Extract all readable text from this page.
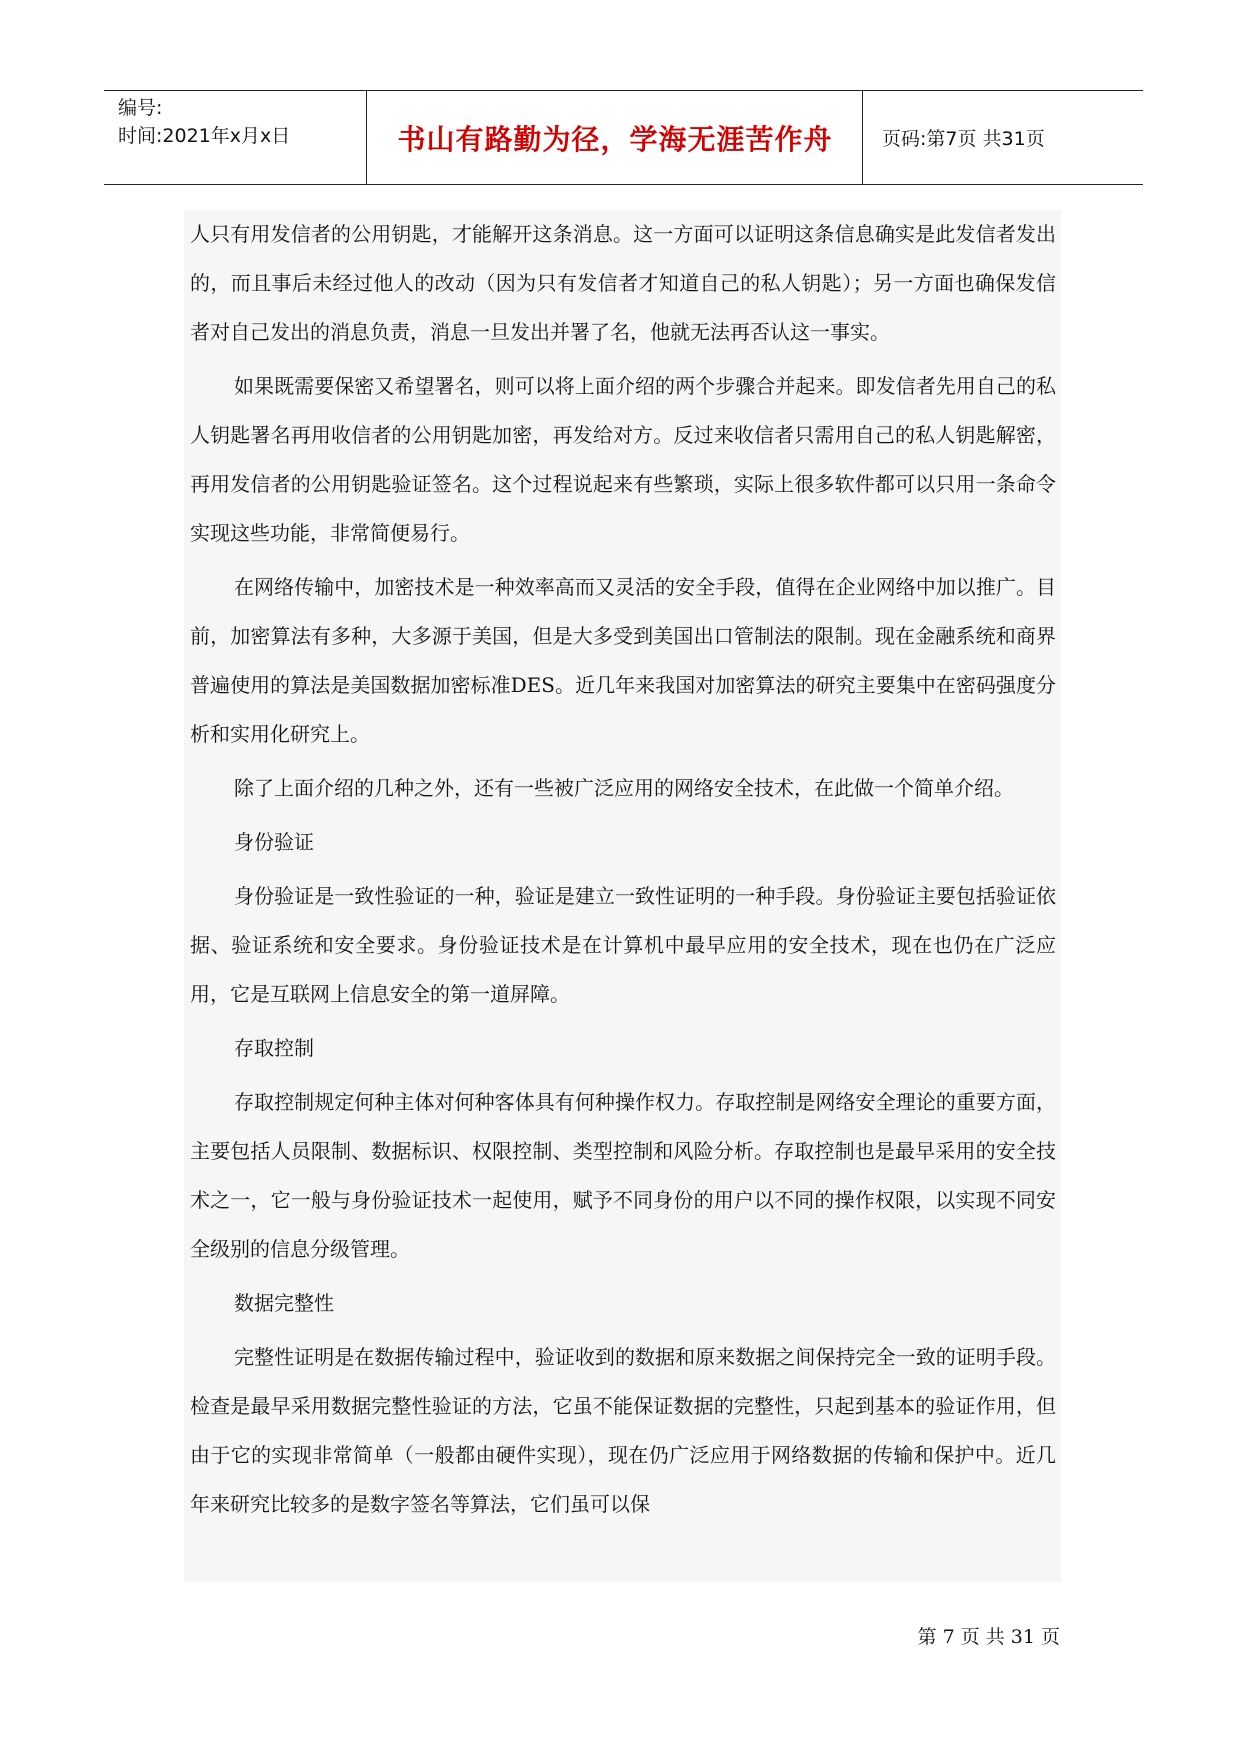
编号:
时间:2021年x月x日	书山有路勤为径，学海无涯苦作舟	页码:第7页 共31页

人只有用发信者的公用钥匙，才能解开这条消息。这一方面可以证明这条信息确实是此发信者发出的，而且事后未经过他人的改动（因为只有发信者才知道自己的私人钥匙）；另一方面也确保发信者对自己发出的消息负责，消息一旦发出并署了名，他就无法再否认这一事实。

如果既需要保密又希望署名，则可以将上面介绍的两个步骤合并起来。即发信者先用自己的私人钥匙署名再用收信者的公用钥匙加密，再发给对方。反过来收信者只需用自己的私人钥匙解密，再用发信者的公用钥匙验证签名。这个过程说起来有些繁琐，实际上很多软件都可以只用一条命令实现这些功能，非常简便易行。

在网络传输中，加密技术是一种效率高而又灵活的安全手段，值得在企业网络中加以推广。目前，加密算法有多种，大多源于美国，但是大多受到美国出口管制法的限制。现在金融系统和商界普遍使用的算法是美国数据加密标准DES。近几年来我国对加密算法的研究主要集中在密码强度分析和实用化研究上。

除了上面介绍的几种之外，还有一些被广泛应用的网络安全技术，在此做一个简单介绍。

身份验证

身份验证是一致性验证的一种，验证是建立一致性证明的一种手段。身份验证主要包括验证依据、验证系统和安全要求。身份验证技术是在计算机中最早应用的安全技术，现在也仍在广泛应用，它是互联网上信息安全的第一道屏障。

存取控制

存取控制规定何种主体对何种客体具有何种操作权力。存取控制是网络安全理论的重要方面，主要包括人员限制、数据标识、权限控制、类型控制和风险分析。存取控制也是最早采用的安全技术之一，它一般与身份验证技术一起使用，赋予不同身份的用户以不同的操作权限，以实现不同安全级别的信息分级管理。

数据完整性

完整性证明是在数据传输过程中，验证收到的数据和原来数据之间保持完全一致的证明手段。检查是最早采用数据完整性验证的方法，它虽不能保证数据的完整性，只起到基本的验证作用，但由于它的实现非常简单（一般都由硬件实现），现在仍广泛应用于网络数据的传输和保护中。近几年来研究比较多的是数字签名等算法，它们虽可以保

第 7 页 共 31 页
